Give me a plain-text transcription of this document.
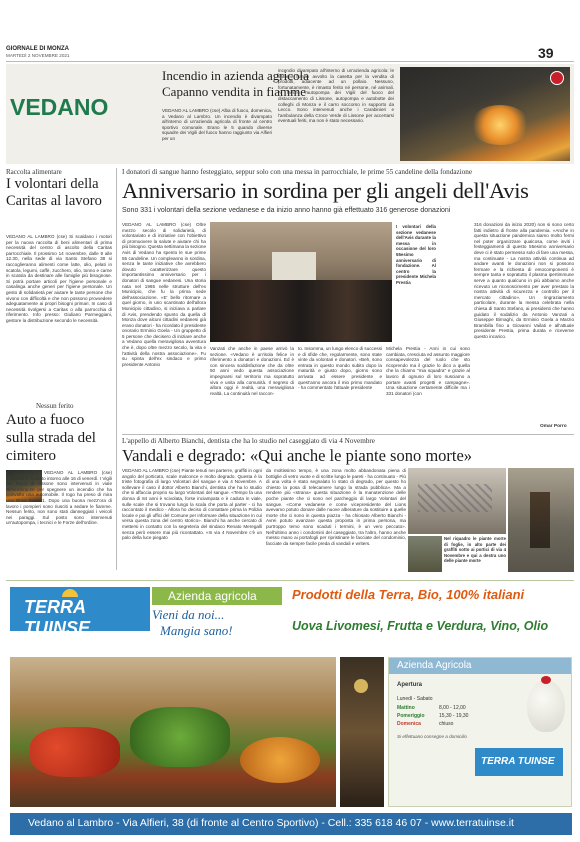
GIORNALE DI MONZA
MARTEDÌ 2 NOVEMBRE 2021	39
VEDANO
Incendio in azienda agricola
Capanno vendita in fiamme
VEDANO AL LAMBRO (cse) Alba di fuoco, domenica, a Vedano al Lambro. Un incendio è divampato all'interno di un'azienda agricola di fronte al centro sportivo comunale. Erano le 5 quando diverse squadre dei Vigili del fuoco hanno raggiunto via Alfieri per un
incendio divampato all'interno di un'azienda agricola: le fiamme hanno avvolto la casetta per la vendita di prodotti, adiacente ad un pollaio. Nessuno, fortunatamente, è rimasto ferito né persone, né animali. Al lavoro l'autopompa dei Vigili del fuoco del distaccamento di Lissone, autopompa e autobotte dei colleghi di Monza e il carro soccorso in supporto da Lecco. Sono intervenuti anche i Carabinieri e l'ambulanza della Croce Verde di Lissone per accertarsi eventuali feriti, ma non è stato necessario.
Raccolta alimentare
I volontari della Caritas al lavoro
VEDANO AL LAMBRO (cse) Si scaldano i motori per la nuova raccolta di beni alimentari di prima necessità del centro di ascolto della Caritas parrocchiale. Il prossimo 14 novembre, dalle 9 alle 12.30, nella sede di via Santo Stefano 38 si raccoglieranno alimenti come latte, olio, pelati in scatola, legumi, caffè, zucchero, olio, tonno e carne in scatola da destinare alle famiglie più bisognose. Si potrà portare articoli per l'igiene personale e casalinga anche generi per l'igiene personale. Un gesto di solidarietà per aiutare le tante persone che vivono con difficoltà e che non possono provvedere adeguatamente ai propri bisogni primari. In caso di necessità rivolgersi a Caritas o alla parrocchia di riferimento. Info presso: Giuliano Parmeggiani, gestore la distribuzione secondo le necessità.
Nessun ferito
Auto a fuoco sulla strada del cimitero
VEDANO AL LAMBRO (cse) L'allarme è scattato intorno alle 16 di venerdì. I Vigili del fuoco di Lissone sono intervenuti in viale Rimembranze per spegnere un incendio che ha coinvolto una automobile. Il rogo ha preso di mira una Bmw Serie 1. Dopo una buona mezz'ora di lavoro i pompieri sono riusciti a sedare le fiamme. Nessun ferito, non sono stati danneggiati i veicoli nei paraggi. Sul posto sono intervenuti un'autopompa, i tecnici e le Forze dell'ordine.
I donatori di sangue hanno festeggiato, seppur solo con una messa in parrocchiale, le prime 55 candeline della fondazione
Anniversario in sordina per gli angeli dell'Avis
Sono 331 i volontari della sezione vedanese e da inizio anno hanno già effettuato 316 generose donazioni
VEDANO AL LAMBRO (cse) Oltre mezzo secolo di solidarietà, di volontariato e di iniziative con l'obiettivo di promuovere la salute e aiutare chi ha più bisogno. Questa settimana la sezione Avis di Vedano ha spento le sue prime 55 candeline. Un compleanno in sordina, senza le tante iniziative che avrebbero dovuto caratterizzare questo importantissimo anniversario per i donatori di sangue vedanesi. Una storia nata nel 1965 nelle strutture dell'ex Municipio, che fu la prima sede dell'associazione. «E' bello ritornare a quel giorno, in uno scantinato dell'allora Municipio cittadino, si iniziava a parlare di Avis, prendendo spunto da quella di Monza dove alcuni cittadini vedanesi già erano donatori - ha ricordato il presidente onorario Erminio Goela - Un gruppetto di 5 persone che decisero di iniziare anche a Vedano quella meravigliosa avventura che è, dopo oltre mezzo secolo, la vita e l'attività della nostra associazione». Fu su spinta dell'ex sindaco e primo presidente Antonio
I volontari della sezione vedanese dell'Avis durante la messa in occasione del loro 55esimo anniversario di fondazione. Al centro la presidente Michela Prestia
Vanzati che anche in paese arrivò la sezione. «Vedano è un'isola felice in riferimento a donatori e donazioni. Ed è con sincera soddisfazione che da oltre 50 anni vedo questa associazione impegnarsi sul territorio ma sopratutto viva e unita alla comunità. Il segreto di allora oggi è realtà, una meravigliosa realtà. La continuità nel raccon-
to. Insomma, un lungo elenco di successi e di sfide che, regolarmente, sono state vinte da volontari e donatori. «Beh, sono entrata in questo mondo subito dopo la maturità e giusto dopo, giorno sono arrivata ad essere presidente e quest'anno ancora il mio primo mandato - ha commentato l'attuale presidente
Michela Prestia - Anni in cui sono cambiata, cresciuta ed assunto maggiore consapevolezza del ruolo che sto ricoprendo ma il grazie lo dico a quella che la chiamo "mia squadra" e grazie al lavoro di ognuno di loro riusciamo a portare avanti progetti e campagne». Una situazione certamente difficile ma i 331 donatori (con
316 donazioni da inizio 2020) non si sono certo fatti indietro di fronte alla pandemia. «Anche in questa situazione pandemica siamo molto fermi nel poter organizzare qualcosa, come inviti i festeggiamenti di questo 55esimo anniversario deve ci è stato permesso solo di fare una messa, ma continuate - La nostra attività continua ad andare avanti le donazioni non si possono fermare e la richiesta di emocomponenti è sempre tanta e sopratutto il plasma ipertimmune serve a quanto qualcuno in più abbiamo anche ricevuto un riconoscimento per aver prestato la nostra attività di sicurezza e controllo per il mercato cittadino». Un ringraziamento particolare, durante la messa celebrata nella chiesa di Santo Stefano, ai presidenti che hanno guidato il sodalizio da Antonio Vanzati a Giuseppe Birnaghi, da Erminio Goela a Marzio Brambilla fino a Giovanni Vailati e all'attuale presidente Prestia, prima durata e riceverne questo incarico.
Omar Porro
L'appello di Alberto Bianchi, dentista che ha lo studio nel caseggiato di via 4 Novembre
Vandali e degrado: «Qui anche le piante sono morte»
VEDANO AL LAMBRO (cse) Piante tenuti nei parterre, graffiti in ogni angolo del porticato, scale malconce e molto degrado. Questa è la triste fotografia di largo Volontari del sangue e via 4 Novembre. A sollevare il caso il dottor Alberto Bianchi, dentista che ha lo studio che si affaccia proprio su largo Volontari del sangue. «Tempo fa una donna di 84 anni è scivolata, forse inciampata e è caduta in viale, sulle scale che si trovano lungo la scala che porta al parter - ci ha raccontato il medico - Allora ho deciso di contattare prima la Polizia locale e poi gli uffici del Comune per informare della situazione in cui versa questa zona del centro storico». Bianchi ha anche cercato di mettersi in contatto con la segreteria del sindaco Renato Meregalli senza però essere mai più ricontattato. «In via 4 Novembre c'è un palo della luce piegato
da moltissimo tempo, è una zona molto abbandonata piena di bottiglie di vetro vuote e di scritte lungo le pareti - ha continuato - Più di una volta è stato segnalato lo stato di degrado, per questo ho chiesto la posa di telecamere lungo la strada pubblica». Ma a rendere più «strana» questa situazione è la manutenzione delle poche piante che ci sono nel parcheggio di largo Volontari del sangue. «Come vedanese e come vicepresidente del Lions avevamo potuto donare dalle nuove alberature da sostituire a quelle morte che ci sono in questa piazza - ha chiosato Alberto Bianchi - Avrei potuto avanzare questa proposta in prima persona, ma purtroppo temo sono scaduti i termini, è un vero peccato». Nell'ultimo anno i condomini del caseggiato, tra l'altro, hanno anche messo mano ai portafogli per ripristinare le facciate del condominio, facciate da sempre facile preda di vandali e writers.
Nel riquadro le piante morte di foglie, in alto parte dei graffiti sotto ai portici di via 4 Novembre e qui a destra uno delle piante morte
TERRA TUINSE
Azienda agricola
Vieni da noi...
Mangia sano!
Prodotti della Terra, Bio, 100% italiani
Uova Livomesi, Frutta e Verdura, Vino, Olio
Azienda Agricola
Apertura
Lunedì - Sabato
Mattino	8,00 - 12,00
Pomeriggio	15,30 - 19,30
Domenica	chiuso
Si effettuano consegne a domicilio
TERRA TUINSE
Vedano al Lambro - Via Alfieri, 38 (di fronte al Centro Sportivo) - Cell.: 335 618 46 07 - www.terratuinse.it
